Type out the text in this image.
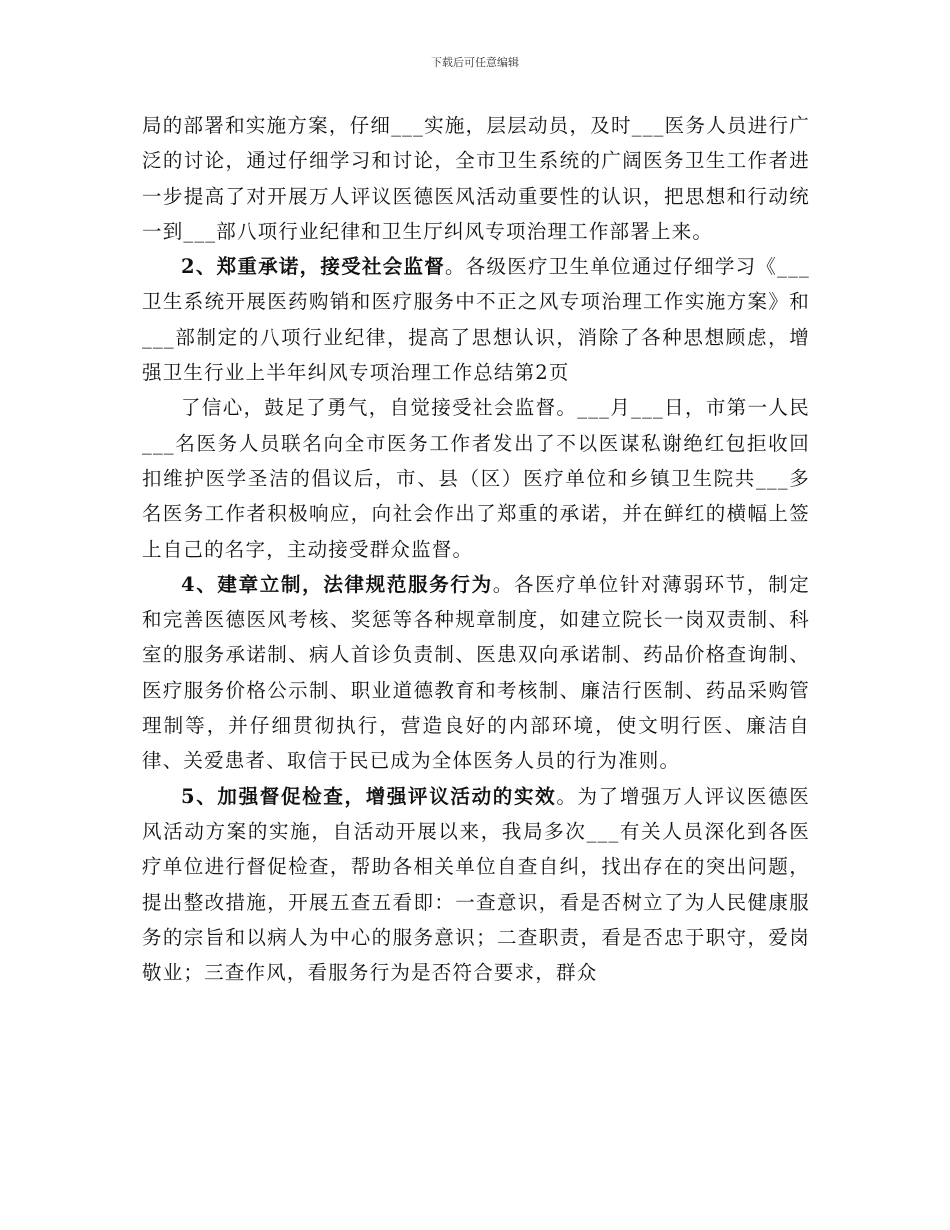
下载后可任意编辑

局的部署和实施方案，仔细___实施，层层动员，及时___医务人员进行广泛的讨论，通过仔细学习和讨论，全市卫生系统的广阔医务卫生工作者进一步提高了对开展万人评议医德医风活动重要性的认识，把思想和行动统一到___部八项行业纪律和卫生厅纠风专项治理工作部署上来。

2、郑重承诺，接受社会监督。各级医疗卫生单位通过仔细学习《___卫生系统开展医药购销和医疗服务中不正之风专项治理工作实施方案》和___部制定的八项行业纪律，提高了思想认识，消除了各种思想顾虑，增强卫生行业上半年纠风专项治理工作总结第2页

了信心，鼓足了勇气，自觉接受社会监督。___月___日，市第一人民___名医务人员联名向全市医务工作者发出了不以医谋私谢绝红包拒收回扣维护医学圣洁的倡议后，市、县（区）医疗单位和乡镇卫生院共___多名医务工作者积极响应，向社会作出了郑重的承诺，并在鲜红的横幅上签上自己的名字，主动接受群众监督。

4、建章立制，法律规范服务行为。各医疗单位针对薄弱环节，制定和完善医德医风考核、奖惩等各种规章制度，如建立院长一岗双责制、科室的服务承诺制、病人首诊负责制、医患双向承诺制、药品价格查询制、医疗服务价格公示制、职业道德教育和考核制、廉洁行医制、药品采购管理制等，并仔细贯彻执行，营造良好的内部环境，使文明行医、廉洁自律、关爱患者、取信于民已成为全体医务人员的行为准则。

5、加强督促检查，增强评议活动的实效。为了增强万人评议医德医风活动方案的实施，自活动开展以来，我局多次___有关人员深化到各医疗单位进行督促检查，帮助各相关单位自查自纠，找出存在的突出问题，提出整改措施，开展五查五看即：一查意识，看是否树立了为人民健康服务的宗旨和以病人为中心的服务意识；二查职责，看是否忠于职守，爱岗敬业；三查作风，看服务行为是否符合要求，群众
